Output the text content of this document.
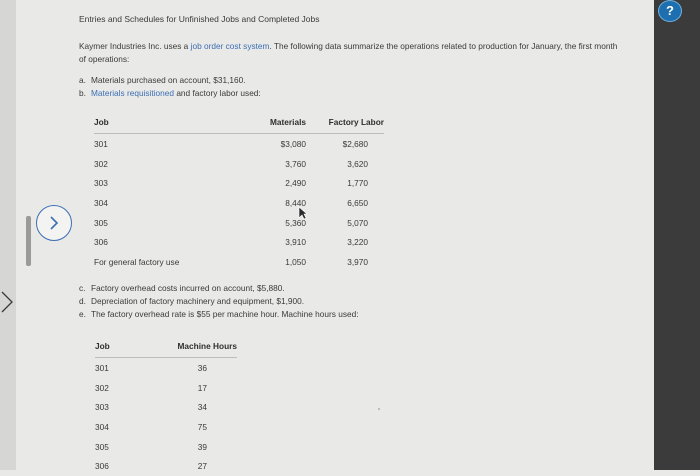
Entries and Schedules for Unfinished Jobs and Completed Jobs
Kaymer Industries Inc. uses a job order cost system. The following data summarize the operations related to production for January, the first month of operations:
a. Materials purchased on account, $31,160.
b. Materials requisitioned and factory labor used:
Job	Materials	Factory Labor
301	$3,080	$2,680
302	3,760	3,620
303	2,490	1,770
304	8,440	6,650
305	5,360	5,070
306	3,910	3,220
For general factory use	1,050	3,970
c. Factory overhead costs incurred on account, $5,880.
d. Depreciation of factory machinery and equipment, $1,900.
e. The factory overhead rate is $55 per machine hour. Machine hours used:
Job	Machine Hours
301	36
302	17
303	34
304	75
305	39
306	27
?
